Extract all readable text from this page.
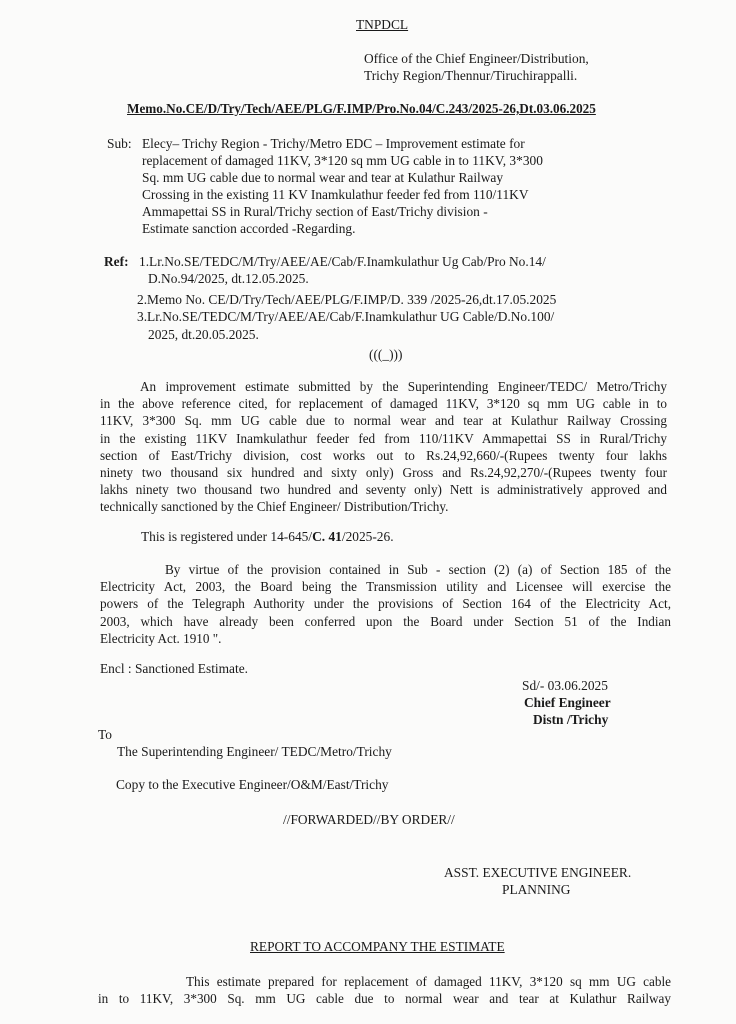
TNPDCL
Office of the Chief Engineer/Distribution,
Trichy Region/Thennur/Tiruchirappalli.
Memo.No.CE/D/Try/Tech/AEE/PLG/F.IMP/Pro.No.04/C.243/2025-26,Dt.03.06.2025
Sub: Elecy– Trichy Region - Trichy/Metro EDC – Improvement estimate for
replacement of damaged 11KV, 3*120 sq mm UG cable in to 11KV, 3*300
Sq. mm UG cable due to normal wear and tear at Kulathur Railway
Crossing in the existing 11 KV Inamkulathur feeder fed from 110/11KV
Ammapettai SS in Rural/Trichy section of East/Trichy division -
Estimate sanction accorded -Regarding.
Ref: 1.Lr.No.SE/TEDC/M/Try/AEE/AE/Cab/F.Inamkulathur Ug Cab/Pro No.14/
D.No.94/2025, dt.12.05.2025.
2.Memo No. CE/D/Try/Tech/AEE/PLG/F.IMP/D. 339 /2025-26,dt.17.05.2025
3.Lr.No.SE/TEDC/M/Try/AEE/AE/Cab/F.Inamkulathur UG Cable/D.No.100/
2025, dt.20.05.2025.
(((_)))
An improvement estimate submitted by the Superintending Engineer/TEDC/ Metro/Trichy
in the above reference cited, for replacement of damaged 11KV, 3*120 sq mm UG cable in to
11KV, 3*300 Sq. mm UG cable due to normal wear and tear at Kulathur Railway Crossing
in the existing 11KV Inamkulathur feeder fed from 110/11KV Ammapettai SS in Rural/Trichy
section of East/Trichy division, cost works out to Rs.24,92,660/-(Rupees twenty four lakhs
ninety two thousand six hundred and sixty only) Gross and Rs.24,92,270/-(Rupees twenty four
lakhs ninety two thousand two hundred and seventy only) Nett is administratively approved and
technically sanctioned by the Chief Engineer/ Distribution/Trichy.
This is registered under 14-645/C. 41/2025-26.
By virtue of the provision contained in Sub - section (2) (a) of Section 185 of the
Electricity Act, 2003, the Board being the Transmission utility and Licensee will exercise the
powers of the Telegraph Authority under the provisions of Section 164 of the Electricity Act,
2003, which have already been conferred upon the Board under Section 51 of the Indian
Electricity Act. 1910 ".
Encl : Sanctioned Estimate.
Sd/- 03.06.2025
Chief Engineer
Distn /Trichy
To
The Superintending Engineer/ TEDC/Metro/Trichy
Copy to the Executive Engineer/O&M/East/Trichy
//FORWARDED//BY ORDER//
ASST. EXECUTIVE ENGINEER.
PLANNING
REPORT TO ACCOMPANY THE ESTIMATE
This estimate prepared for replacement of damaged 11KV, 3*120 sq mm UG cable
in to 11KV, 3*300 Sq. mm UG cable due to normal wear and tear at Kulathur Railway
